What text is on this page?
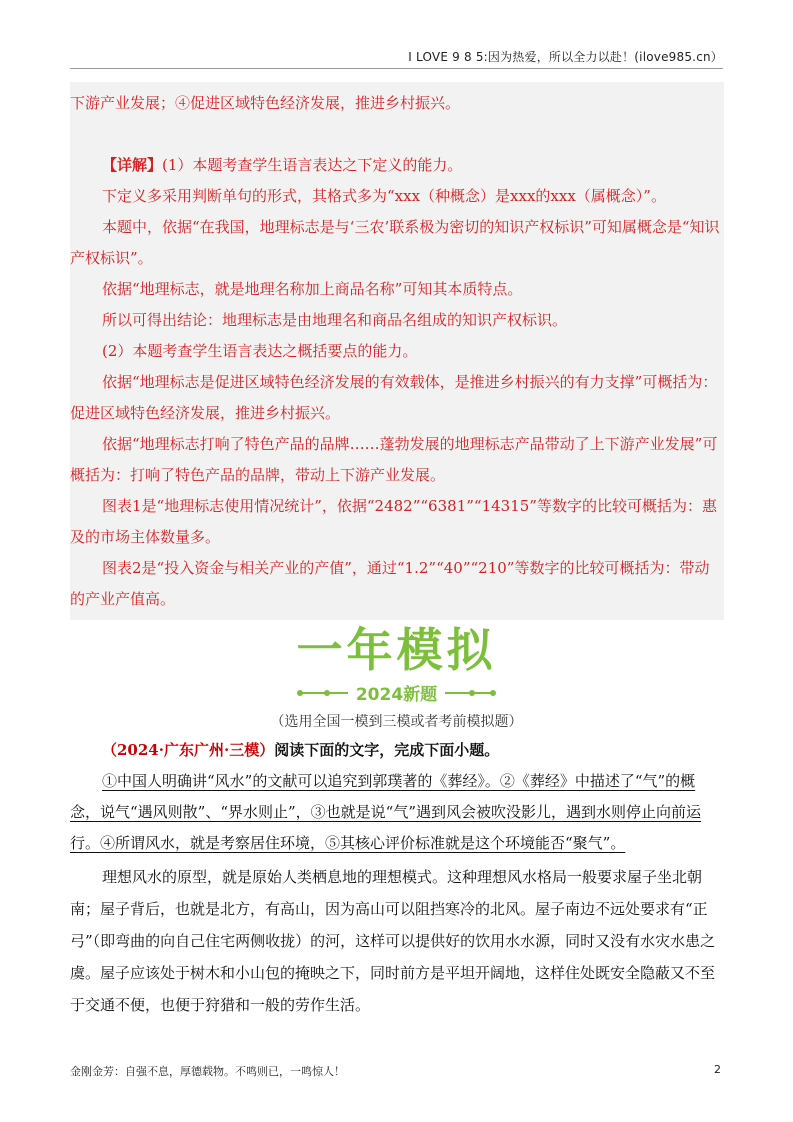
I LOVE 9 8 5:因为热爱，所以全力以赴！(ilove985.cn）

下游产业发展；④促进区域特色经济发展，推进乡村振兴。

【详解】(1）本题考查学生语言表达之下定义的能力。

下定义多采用判断单句的形式，其格式多为“xxx（种概念）是xxx的xxx（属概念）”。

本题中，依据“在我国，地理标志是与‘三农’联系极为密切的知识产权标识”可知属概念是“知识产权标识”。

依据“地理标志，就是地理名称加上商品名称”可知其本质特点。

所以可得出结论：地理标志是由地理名和商品名组成的知识产权标识。

(2）本题考查学生语言表达之概括要点的能力。

依据“地理标志是促进区域特色经济发展的有效载体，是推进乡村振兴的有力支撑”可概括为：促进区域特色经济发展，推进乡村振兴。

依据“地理标志打响了特色产品的品牌……蓬勃发展的地理标志产品带动了上下游产业发展”可概括为：打响了特色产品的品牌，带动上下游产业发展。

图表1是“地理标志使用情况统计”，依据“2482”“6381”“14315”等数字的比较可概括为：惠及的市场主体数量多。

图表2是“投入资金与相关产业的产值”，通过“1.2”“40”“210”等数字的比较可概括为：带动的产业产值高。

一年模拟
2024新题
（选用全国一模到三模或者考前模拟题）
（2024·广东广州·三模）阅读下面的文字，完成下面小题。
①中国人明确讲“风水”的文献可以追究到郭璞著的《葬经》。②《葬经》中描述了“气”的概念，说气“遇风则散”、“界水则止”，③也就是说“气”遇到风会被吹没影儿，遇到水则停止向前运行。④所谓风水，就是考察居住环境，⑤其核心评价标准就是这个环境能否“聚气”。
理想风水的原型，就是原始人类栖息地的理想模式。这种理想风水格局一般要求屋子坐北朝南；屋子背后，也就是北方，有高山，因为高山可以阻挡寒冷的北风。屋子南边不远处要求有“正弓”（即弯曲的向自己住宅两侧收拢）的河，这样可以提供好的饮用水水源，同时又没有水灾水患之虞。屋子应该处于树木和小山包的掩映之下，同时前方是平坦开阔地，这样住处既安全隐蔽又不至于交通不便，也便于狩猎和一般的劳作生活。
金刚金芳：自强不息，厚德载物。不鸣则已，一鸣惊人！	2
